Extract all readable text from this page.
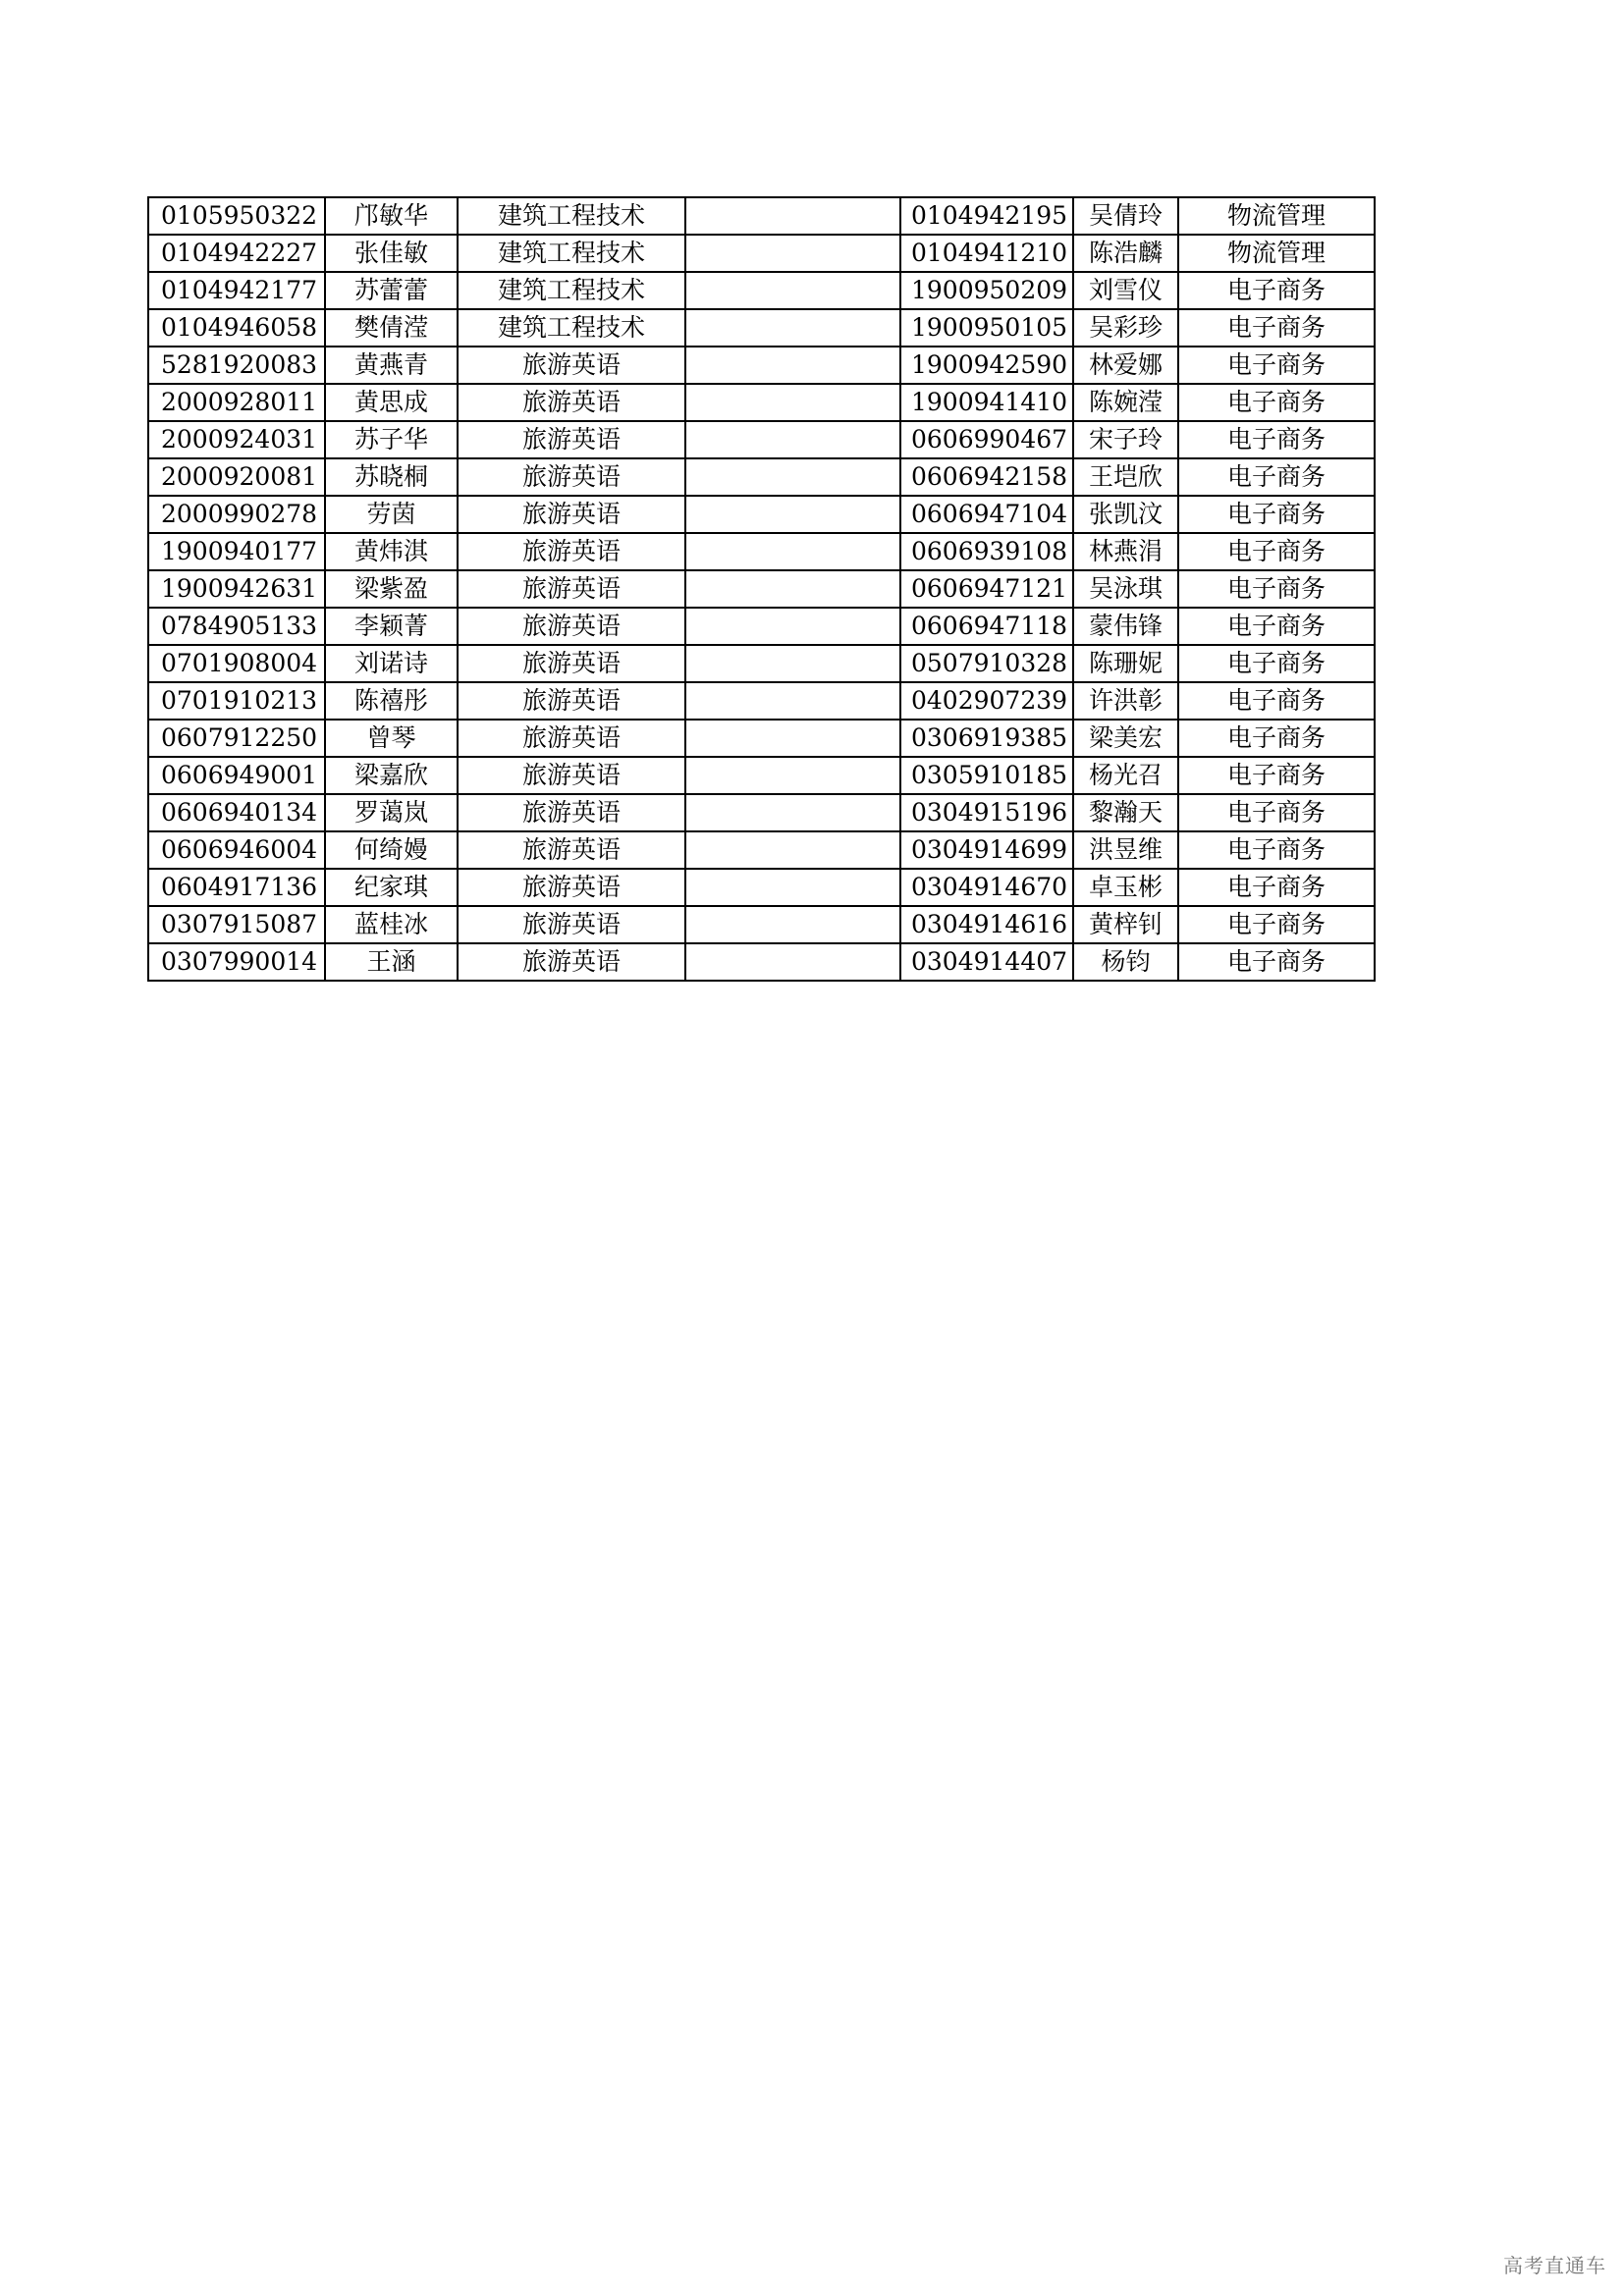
0105950322	邝敏华	建筑工程技术		0104942195	吴倩玲	物流管理
0104942227	张佳敏	建筑工程技术		0104941210	陈浩麟	物流管理
0104942177	苏蕾蕾	建筑工程技术		1900950209	刘雪仪	电子商务
0104946058	樊倩滢	建筑工程技术		1900950105	吴彩珍	电子商务
5281920083	黄燕青	旅游英语		1900942590	林爱娜	电子商务
2000928011	黄思成	旅游英语		1900941410	陈婉滢	电子商务
2000924031	苏子华	旅游英语		0606990467	宋子玲	电子商务
2000920081	苏晓桐	旅游英语		0606942158	王垲欣	电子商务
2000990278	劳茵	旅游英语		0606947104	张凯汶	电子商务
1900940177	黄炜淇	旅游英语		0606939108	林燕涓	电子商务
1900942631	梁紫盈	旅游英语		0606947121	吴泳琪	电子商务
0784905133	李颖菁	旅游英语		0606947118	蒙伟锋	电子商务
0701908004	刘诺诗	旅游英语		0507910328	陈珊妮	电子商务
0701910213	陈禧彤	旅游英语		0402907239	许洪彰	电子商务
0607912250	曾琴	旅游英语		0306919385	梁美宏	电子商务
0606949001	梁嘉欣	旅游英语		0305910185	杨光召	电子商务
0606940134	罗蔼岚	旅游英语		0304915196	黎瀚天	电子商务
0606946004	何绮嫚	旅游英语		0304914699	洪昱维	电子商务
0604917136	纪家琪	旅游英语		0304914670	卓玉彬	电子商务
0307915087	蓝桂冰	旅游英语		0304914616	黄梓钊	电子商务
0307990014	王涵	旅游英语		0304914407	杨钧	电子商务
高考直通车
